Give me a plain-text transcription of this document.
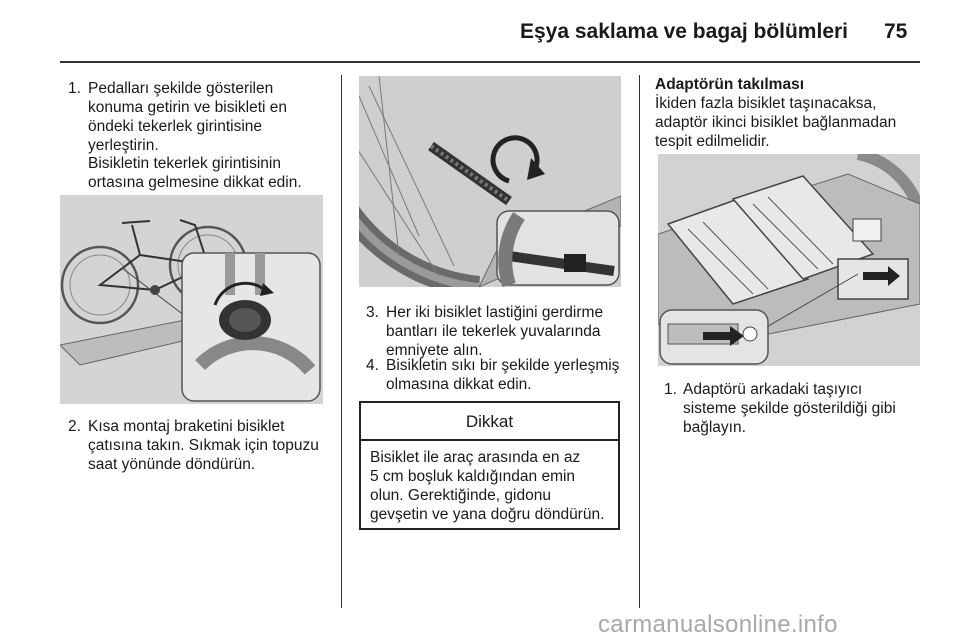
Eşya saklama ve bagaj bölümleri 75
1. Pedalları şekilde gösterilen
konuma getirin ve bisikleti en
öndeki tekerlek girintisine
yerleştirin.
Bisikletin tekerlek girintisinin
ortasına gelmesine dikkat edin.
2. Kısa montaj braketini bisiklet
çatısına takın. Sıkmak için topuzu
saat yönünde döndürün.
3. Her iki bisiklet lastiğini gerdirme
bantları ile tekerlek yuvalarında
emniyete alın.
4. Bisikletin sıkı bir şekilde yerleşmiş
olmasına dikkat edin.
Dikkat
Bisiklet ile araç arasında en az
5 cm boşluk kaldığından emin
olun. Gerektiğinde, gidonu
gevşetin ve yana doğru döndürün.
Adaptörün takılması
İkiden fazla bisiklet taşınacaksa,
adaptör ikinci bisiklet bağlanmadan
tespit edilmelidir.
1. Adaptörü arkadaki taşıyıcı
sisteme şekilde gösterildiği gibi
bağlayın.
carmanualsonline.info
